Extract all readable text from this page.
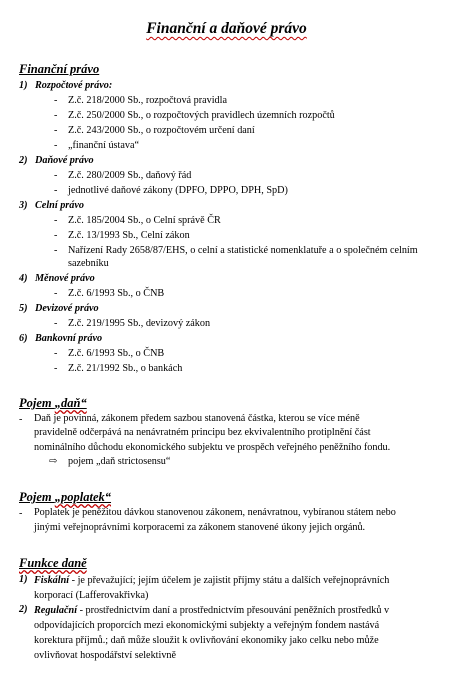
Finanční a daňové právo
Finanční právo
1) Rozpočtové právo:
- Z.č. 218/2000 Sb., rozpočtová pravidla
- Z.č. 250/2000 Sb., o rozpočtových pravidlech územních rozpočtů
- Z.č. 243/2000 Sb., o rozpočtovém určení daní
- „finanční ústava“
2) Daňové právo
- Z.č. 280/2009 Sb., daňový řád
- jednotlivé daňové zákony (DPFO, DPPO, DPH, SpD)
3) Celní právo
- Z.č. 185/2004 Sb., o Celní správě ČR
- Z.č. 13/1993 Sb., Celní zákon
- Nařízení Rady 2658/87/EHS, o celní a statistické nomenklatuře a o společném celním
sazebníku
4) Měnové právo
- Z.č. 6/1993 Sb., o ČNB
5) Devizové právo
- Z.č. 219/1995 Sb., devizový zákon
6) Bankovní právo
- Z.č. 6/1993 Sb., o ČNB
- Z.č. 21/1992 Sb., o bankách
Pojem „daň“
- Daň je povinná, zákonem předem sazbou stanovená částka, kterou se více méně
pravidelně odčerpává na nenávratném principu bez ekvivalentního protiplnění část
nominálního důchodu ekonomického subjektu ve prospěch veřejného peněžního fondu.
⇨ pojem „daň strictosensu“
Pojem „poplatek“
- Poplatek je peněžitou dávkou stanovenou zákonem, nenávratnou, vybíranou státem nebo
jinými veřejnoprávními korporacemi za zákonem stanovené úkony jejich orgánů.
Funkce daně
1) Fiskální - je převažující; jejím účelem je zajistit příjmy státu a dalších veřejnoprávních
korporací (Lafferovakřivka)
2) Regulační - prostřednictvím daní a prostřednictvím přesouvání peněžních prostředků v
odpovídajících proporcích mezi ekonomickými subjekty a veřejným fondem nastává
korektura příjmů.; daň může sloužit k ovlivňování ekonomiky jako celku nebo může
ovlivňovat hospodářství selektivně
